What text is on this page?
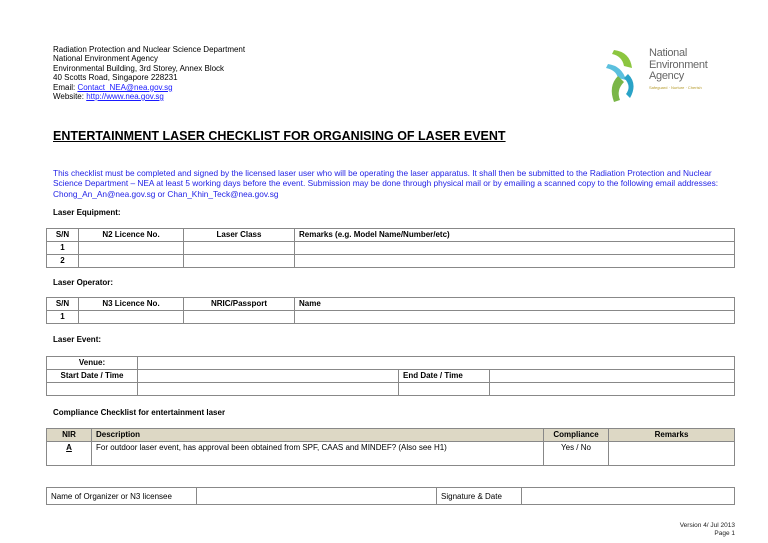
Radiation Protection and Nuclear Science Department
National Environment Agency
Environmental Building, 3rd Storey, Annex Block
40 Scotts Road, Singapore 228231
Email: Contact_NEA@nea.gov.sg
Website: http://www.nea.gov.sg
National
Environment
Agency
Safeguard · Nurture · Cherish
ENTERTAINMENT LASER CHECKLIST FOR ORGANISING OF LASER EVENT
This checklist must be completed and signed by the licensed laser user who will be operating the laser apparatus. It shall then be submitted to the Radiation Protection and Nuclear Science Department – NEA at least 5 working days before the event. Submission may be done through physical mail or by emailing a scanned copy to the following email addresses: Chong_An_An@nea.gov.sg or Chan_Khin_Teck@nea.gov.sg
Laser Equipment:
S/N	N2 Licence No.	Laser Class	Remarks (e.g. Model Name/Number/etc)
1			
2			
Laser Operator:
S/N	N3 Licence No.	NRIC/Passport	Name
1			
Laser Event:
Venue:			
Start Date / Time		End Date / Time	

Compliance Checklist for entertainment laser
NIR	Description	Compliance	Remarks
A	For outdoor laser event, has approval been obtained from SPF, CAAS and MINDEF? (Also see H1)	Yes / No	
Name of Organizer or N3 licensee		Signature & Date	
Version 4/ Jul 2013
Page 1
